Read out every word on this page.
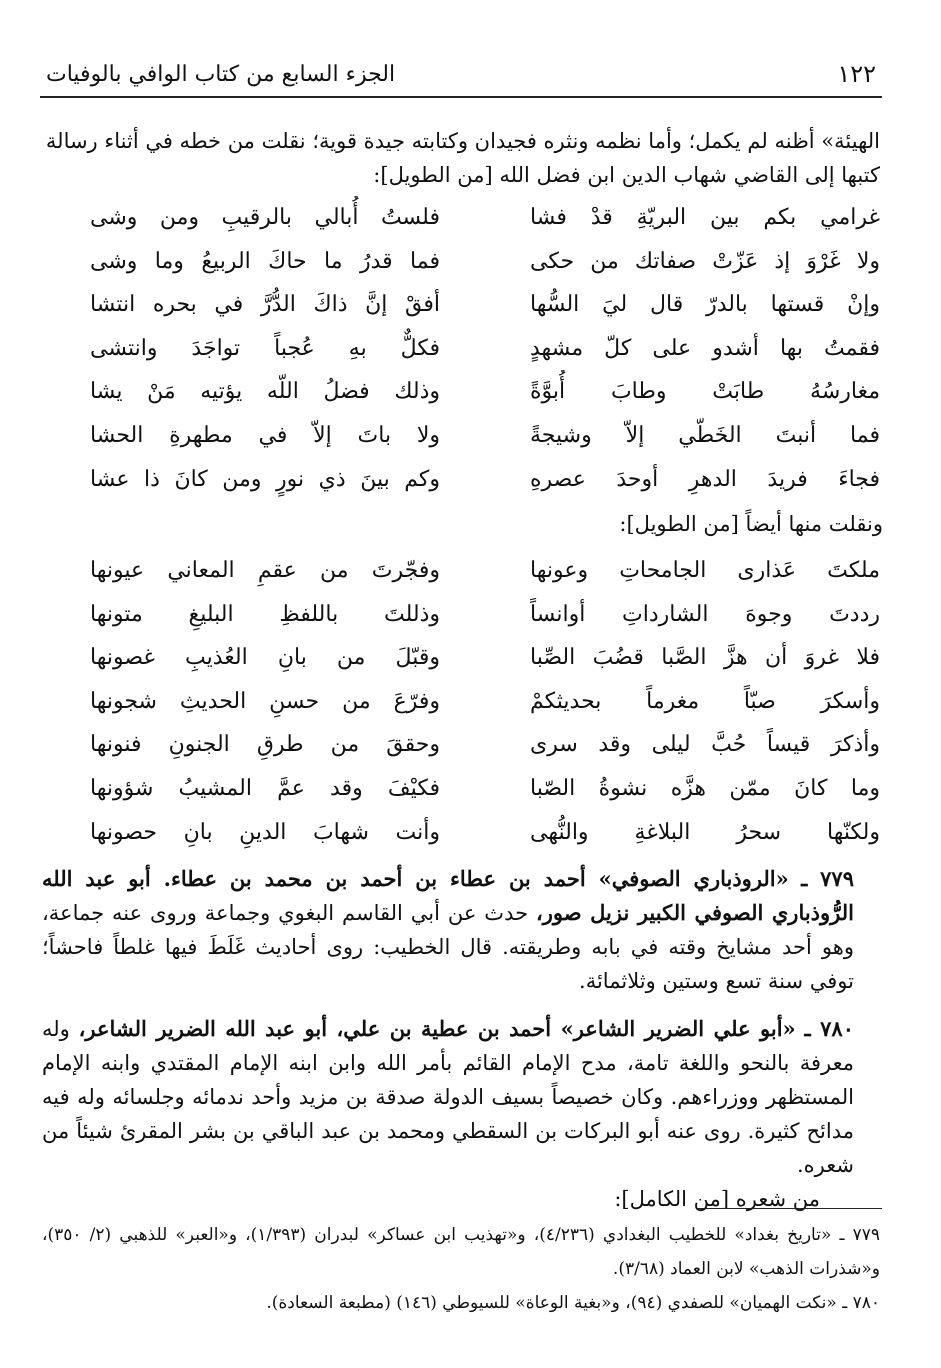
١٢٢
الجزء السابع من كتاب الوافي بالوفيات

الهيئة» أظنه لم يكمل؛ وأما نظمه ونثره فجيدان وكتابته جيدة قوية؛ نقلت من خطه في أثناء رسالة

كتبها إلى القاضي شهاب الدين ابن فضل الله [من الطويل]:

غرامي بكم بين البريّةِ قدْ فشا
فلستُ أُبالي بالرقيبِ ومن وشى
ولا غَرْوَ إذ عَزّتْ صفاتك من حكى
فما قدرُ ما حاكَ الربيعُ وما وشى
وإنْ قستها بالدرّ قال ليَ السُّها
أفقْ إنَّ ذاكَ الدُّرَّ في بحره انتشا
فقمتُ بها أشدو على كلّ مشهدٍ
فكلٌّ بهِ عُجباً تواجَدَ وانتشى
مغارسُهُ طابَتْ وطابَ أُبوَّةً
وذلك فضلُ اللّه يؤتيه مَنْ يشا
فما أنبتَ الخَطّي إلاّ وشيجةً
ولا باتَ إلاّ في مطهرةِ الحشا
فجاءَ فريدَ الدهرِ أوحدَ عصرهِ
وكم بينَ ذي نورٍ ومن كانَ ذا عشا
ونقلت منها أيضاً [من الطويل]:
ملكتَ عَذارى الجامحاتِ وعونها
وفجّرتَ من عقمِ المعاني عيونها
رددتَ وجوهَ الشارداتِ أوانساً
وذللتَ باللفظِ البليغِ متونها
فلا غروَ أن هزَّ الصَّبا قضُبَ الصِّبا
وقبّلَ من بانِ العُذيبِ غصونها
وأسكرَ صبّاً مغرماً بحديثكمْ
وفرّعَ من حسنِ الحديثِ شجونها
وأذكرَ قيساً حُبَّ ليلى وقد سرى
وحققَ من طرقِ الجنونِ فنونها
وما كانَ ممّن هزَّه نشوةُ الصّبا
فكيْفَ وقد عمَّ المشيبُ شؤونها
ولكنّها سحرُ البلاغةِ والنُّهى
وأنت شهابَ الدينِ بانِ حصونها

٧٧٩ ـ «الروذباري الصوفي» أحمد بن عطاء بن أحمد بن محمد بن عطاء. أبو عبد الله الرُّوذباري الصوفي الكبير نزيل صور، حدث عن أبي القاسم البغوي وجماعة وروى عنه جماعة، وهو أحد مشايخ وقته في بابه وطريقته. قال الخطيب: روى أحاديث غَلَطَ فيها غلطاً فاحشاً؛ توفي سنة تسع وستين وثلاثمائة.

٧٨٠ ـ «أبو علي الضرير الشاعر» أحمد بن عطية بن علي، أبو عبد الله الضرير الشاعر، وله معرفة بالنحو واللغة تامة، مدح الإمام القائم بأمر الله وابن ابنه الإمام المقتدي وابنه الإمام المستظهر ووزراءهم. وكان خصيصاً بسيف الدولة صدقة بن مزيد وأحد ندمائه وجلسائه وله فيه مدائح كثيرة. روى عنه أبو البركات بن السقطي ومحمد بن عبد الباقي بن بشر المقرئ شيئاً من شعره.

من شعره [من الكامل]:

٧٧٩ ـ «تاريخ بغداد» للخطيب البغدادي (٤/٢٣٦)، و«تهذيب ابن عساكر» لبدران (١/٣٩٣)، و«العبر» للذهبي (٢/ ٣٥٠)، و«شذرات الذهب» لابن العماد (٣/٦٨).

٧٨٠ ـ «نكت الهميان» للصفدي (٩٤)، و«بغية الوعاة» للسيوطي (١٤٦) (مطبعة السعادة).
